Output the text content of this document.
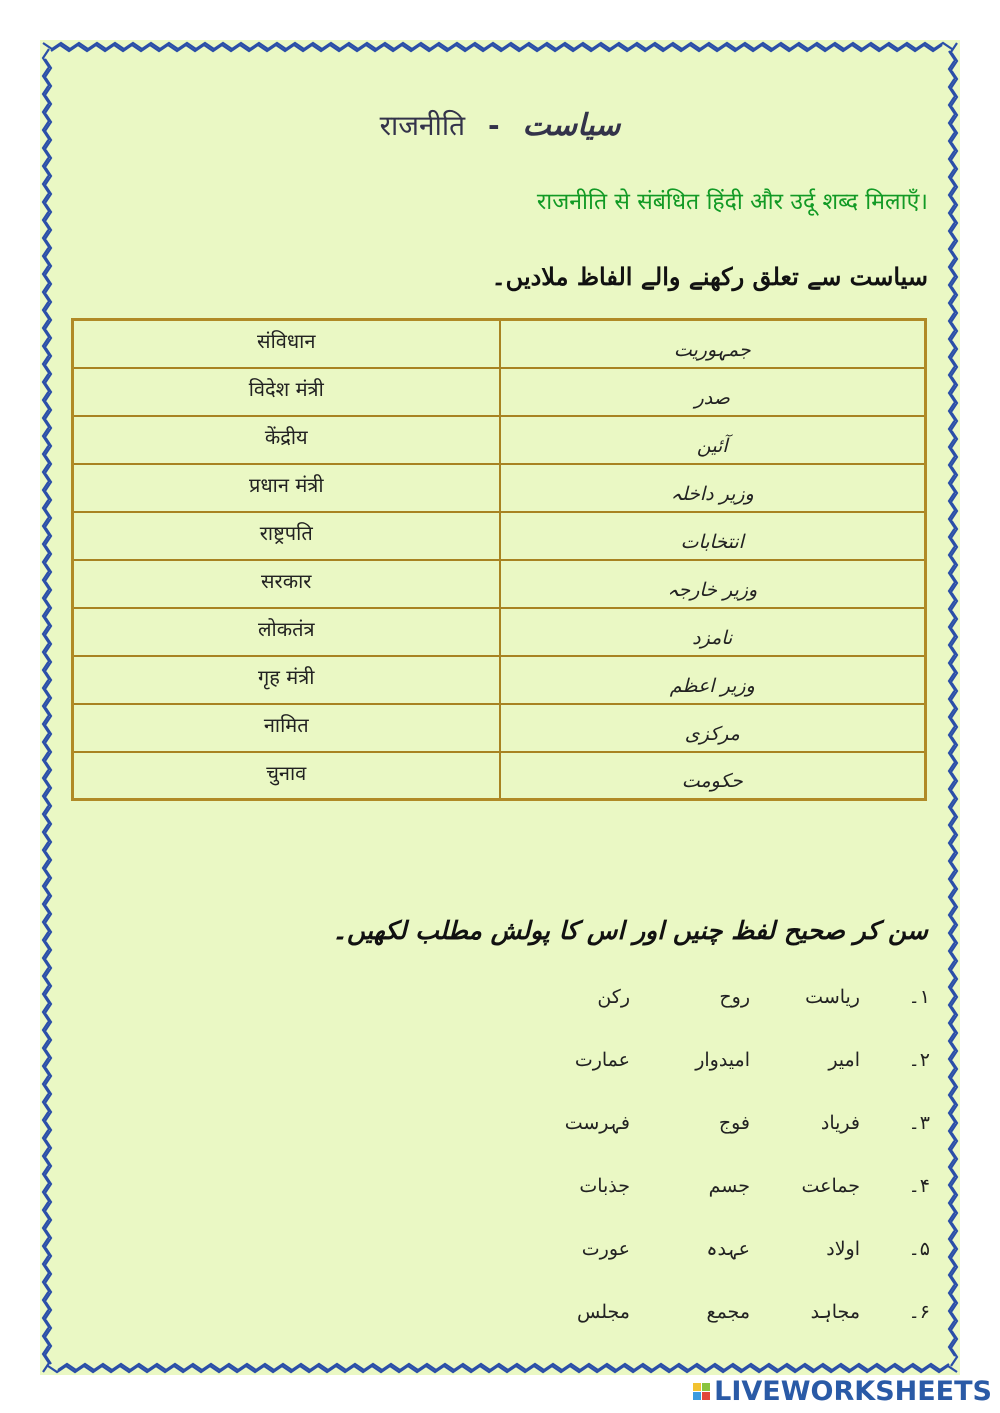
राजनीति - سیاست
राजनीति से संबंधित हिंदी और उर्दू शब्द मिलाएँ।
سیاست سے تعلق رکھنے والے الفاظ ملادیں۔
संविधान	جمہوریت
विदेश मंत्री	صدر
केंद्रीय	آئین
प्रधान मंत्री	وزیر داخلہ
राष्ट्रपति	انتخابات
सरकार	وزیر خارجہ
लोकतंत्र	نامزد
गृह मंत्री	وزیر اعظم
नामित	مرکزی
चुनाव	حکومت
سن کر صحیح لفظ چنیں اور اس کا پولش مطلب لکھیں۔
۱۔
ریاست
روح
رکن
۲۔
امیر
امیدوار
عمارت
۳۔
فریاد
فوج
فہرست
۴۔
جماعت
جسم
جذبات
۵۔
اولاد
عہدہ
عورت
۶۔
مجاہد
مجمع
مجلس
LIVEWORKSHEETS
